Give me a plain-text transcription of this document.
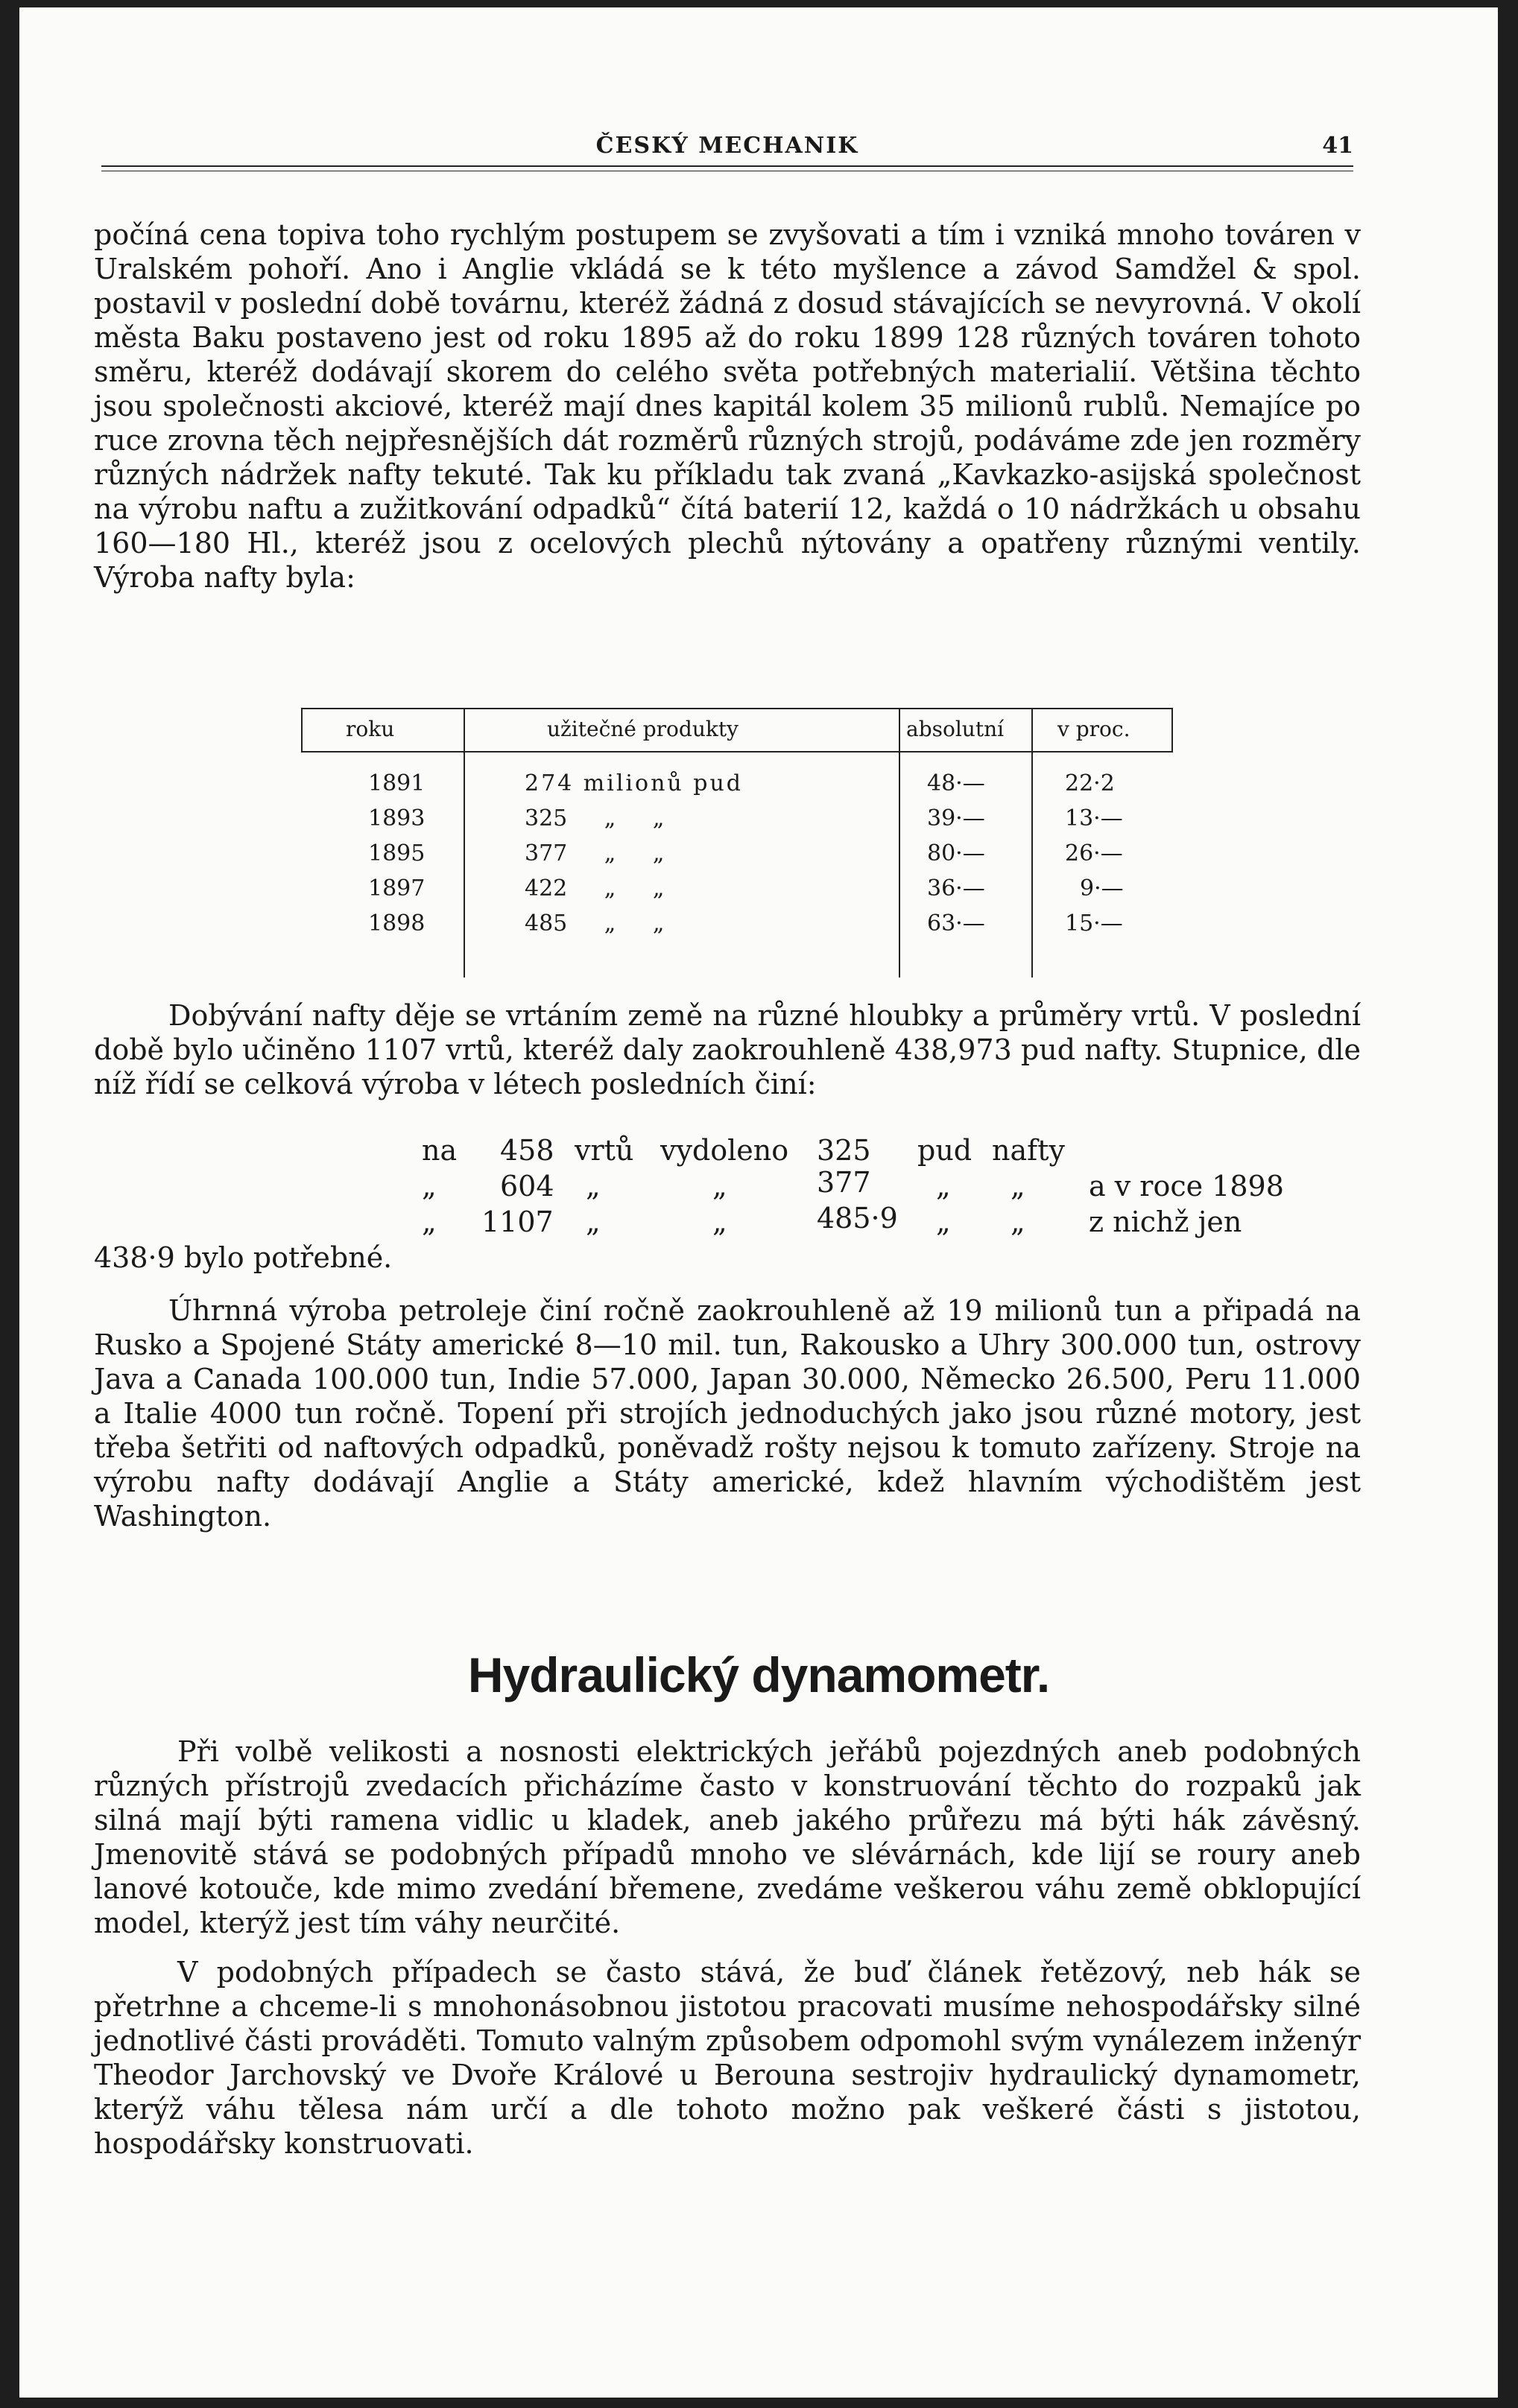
ČESKÝ MECHANIK	41

počíná cena topiva toho rychlým postupem se zvyšovati a tím i vzniká mnoho továren v Uralském pohoří. Ano i Anglie vkládá se k této myšlence a závod Samdžel & spol. postavil v poslední době továrnu, kteréž žádná z dosud stávajících se nevyrovná. V okolí města Baku postaveno jest od roku 1895 až do roku 1899 128 různých továren tohoto směru, kteréž dodávají skorem do celého světa potřebných materialií. Většina těchto jsou společnosti akciové, kteréž mají dnes kapitál kolem 35 milionů rublů. Nemajíce po ruce zrovna těch nejpřesnějších dát rozměrů různých strojů, podáváme zde jen rozměry různých nádržek nafty tekuté. Tak ku příkladu tak zvaná „Kavkazko-asijská společnost na výrobu naftu a zužitkování odpadků“ čítá baterií 12, každá o 10 nádržkách u obsahu 160—180 Hl., kteréž jsou z ocelových plechů nýtovány a opatřeny různými ventily. Výroba nafty byla:

roku	užitečné produkty	absolutní	v proc.
1891	274 milionů pud	48·—	22·2
1893	325 „ „	39·—	13·—
1895	377 „ „	80·—	26·—
1897	422 „ „	36·—	9·—
1898	485 „ „	63·—	15·—

Dobývání nafty děje se vrtáním země na různé hloubky a průměry vrtů. V poslední době bylo učiněno 1107 vrtů, kteréž daly zaokrouhleně 438,973 pud nafty. Stupnice, dle níž řídí se celková výroba v létech posledních činí:

na 458 vrtů vydoleno 325 pud nafty
„ 604 „	„	377 „ „ a v roce 1898
„ 1107 „	„	485·9 „ „ z nichž jen
438·9 bylo potřebné.

Úhrnná výroba petroleje činí ročně zaokrouhleně až 19 milionů tun a připadá na Rusko a Spojené Státy americké 8—10 mil. tun, Rakousko a Uhry 300.000 tun, ostrovy Java a Canada 100.000 tun, Indie 57.000, Japan 30.000, Německo 26.500, Peru 11.000 a Italie 4000 tun ročně. Topení při strojích jednoduchých jako jsou různé motory, jest třeba šetřiti od naftových odpadků, poněvadž rošty nejsou k tomuto zařízeny. Stroje na výrobu nafty dodávají Anglie a Státy americké, kdež hlavním východištěm jest Washington.

Hydraulický dynamometr.

Při volbě velikosti a nosnosti elektrických jeřábů pojezdných aneb podobných různých přístrojů zvedacích přicházíme často v konstruování těchto do rozpaků jak silná mají býti ramena vidlic u kladek, aneb jakého průřezu má býti hák závěsný. Jmenovitě stává se podobných případů mnoho ve slévárnách, kde lijí se roury aneb lanové kotouče, kde mimo zvedání břemene, zvedáme veškerou váhu země obklopující model, kterýž jest tím váhy neurčité.

V podobných případech se často stává, že buď článek řetězový, neb hák se přetrhne a chceme-li s mnohonásobnou jistotou pracovati musíme nehospodářsky silné jednotlivé části prováděti. Tomuto valným způsobem odpomohl svým vynálezem inženýr Theodor Jarchovský ve Dvoře Králové u Berouna sestrojiv hydraulický dynamometr, kterýž váhu tělesa nám určí a dle tohoto možno pak veškeré části s jistotou, hospodářsky konstruovati.
